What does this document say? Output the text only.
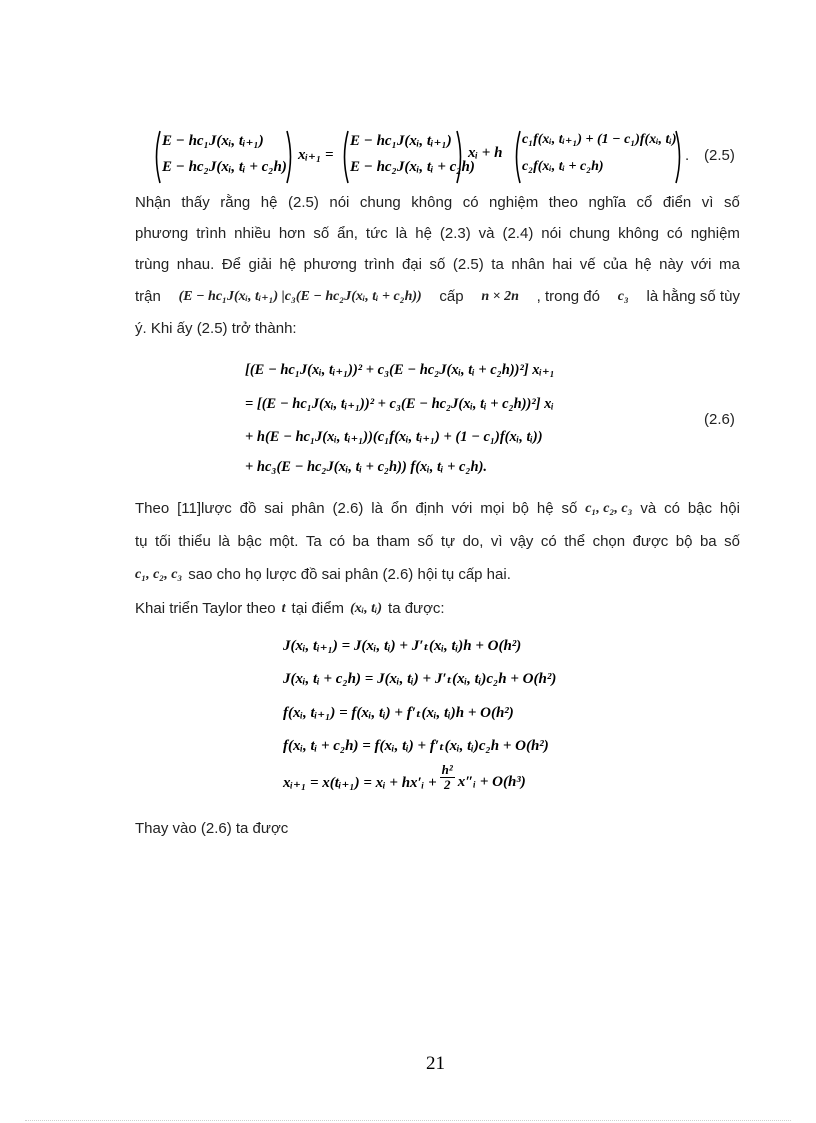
E − hc₁J(xᵢ, tᵢ₊₁)
E − hc₂J(xᵢ, tᵢ + c₂h)
xᵢ₊₁ =
E − hc₁J(xᵢ, tᵢ₊₁)
E − hc₂J(xᵢ, tᵢ + c₂h)
xᵢ + h
c₁f(xᵢ, tᵢ₊₁) + (1 − c₁)f(xᵢ, tᵢ)
c₂f(xᵢ, tᵢ + c₂h)
. (2.5)
Nhận thấy rằng hệ (2.5) nói chung không có nghiệm theo nghĩa cổ điển vì số
phương trình nhiều hơn số ẩn, tức là hệ (2.3) và (2.4) nói chung không có nghiệm
trùng nhau. Để giải hệ phương trình đại số (2.5) ta nhân hai vế của hệ này với ma
trận (E − hc₁J(xᵢ, tᵢ₊₁) |c₃(E − hc₂J(xᵢ, tᵢ + c₂h)) cấp n × 2n , trong đó c₃ là hằng số tùy
ý. Khi ấy (2.5) trở thành:
[(E − hc₁J(xᵢ, tᵢ₊₁))² + c₃(E − hc₂J(xᵢ, tᵢ + c₂h))²] xᵢ₊₁
= [(E − hc₁J(xᵢ, tᵢ₊₁))² + c₃(E − hc₂J(xᵢ, tᵢ + c₂h))²] xᵢ
+ h(E − hc₁J(xᵢ, tᵢ₊₁))(c₁f(xᵢ, tᵢ₊₁) + (1 − c₁)f(xᵢ, tᵢ))
+ hc₃(E − hc₂J(xᵢ, tᵢ + c₂h)) f(xᵢ, tᵢ + c₂h).
(2.6)
Theo [11]lược đồ sai phân (2.6) là ổn định với mọi bộ hệ số c₁, c₂, c₃ và có bậc hội
tụ tối thiểu là bậc một. Ta có ba tham số tự do, vì vậy có thể chọn được bộ ba số
c₁, c₂, c₃ sao cho họ lược đồ sai phân (2.6) hội tụ cấp hai.
Khai triển Taylor theo t tại điểm (xᵢ, tᵢ) ta được:
J(xᵢ, tᵢ₊₁) = J(xᵢ, tᵢ) + J′ₜ(xᵢ, tᵢ)h + O(h²)
J(xᵢ, tᵢ + c₂h) = J(xᵢ, tᵢ) + J′ₜ(xᵢ, tᵢ)c₂h + O(h²)
f(xᵢ, tᵢ₊₁) = f(xᵢ, tᵢ) + f′ₜ(xᵢ, tᵢ)h + O(h²)
f(xᵢ, tᵢ + c₂h) = f(xᵢ, tᵢ) + f′ₜ(xᵢ, tᵢ)c₂h + O(h²)
xᵢ₊₁ = x(tᵢ₊₁) = xᵢ + hx′ᵢ + $\frac{\text{h²}}{2}$ x″ᵢ + O(h³)
Thay vào (2.6) ta được
21
